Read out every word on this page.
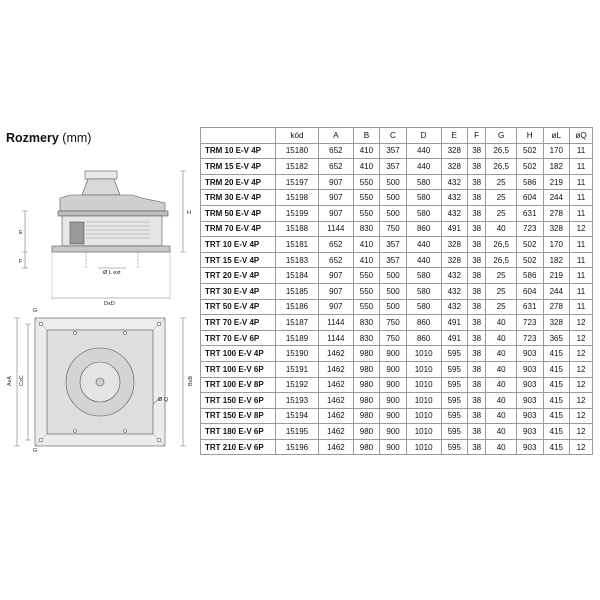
Rozmery (mm)
E
H
F
Ø L ext
DxD
AxA CxC	BxB
G
G
Ø Q
	kód	A	B	C	D	E	F	G	H	øL	øQ
TRM 10 E-V 4P	15180	652	410	357	440	328	38	26,5	502	170	11
TRM 15 E-V 4P	15182	652	410	357	440	328	38	26,5	502	182	11
TRM 20 E-V 4P	15197	907	550	500	580	432	38	25	586	219	11
TRM 30 E-V 4P	15198	907	550	500	580	432	38	25	604	244	11
TRM 50 E-V 4P	15199	907	550	500	580	432	38	25	631	278	11
TRM 70 E-V 4P	15188	1144	830	750	860	491	38	40	723	328	12
TRT 10 E-V 4P	15181	652	410	357	440	328	38	26,5	502	170	11
TRT 15 E-V 4P	15183	652	410	357	440	328	38	26,5	502	182	11
TRT 20 E-V 4P	15184	907	550	500	580	432	38	25	586	219	11
TRT 30 E-V 4P	15185	907	550	500	580	432	38	25	604	244	11
TRT 50 E-V 4P	15186	907	550	500	580	432	38	25	631	278	11
TRT 70 E-V 4P	15187	1144	830	750	860	491	38	40	723	328	12
TRT 70 E-V 6P	15189	1144	830	750	860	491	38	40	723	365	12
TRT 100 E-V 4P	15190	1462	980	900	1010	595	38	40	903	415	12
TRT 100 E-V 6P	15191	1462	980	900	1010	595	38	40	903	415	12
TRT 100 E-V 8P	15192	1462	980	900	1010	595	38	40	903	415	12
TRT 150 E-V 6P	15193	1462	980	900	1010	595	38	40	903	415	12
TRT 150 E-V 8P	15194	1462	980	900	1010	595	38	40	903	415	12
TRT 180 E-V 6P	15195	1462	980	900	1010	595	38	40	903	415	12
TRT 210 E-V 6P	15196	1462	980	900	1010	595	38	40	903	415	12
